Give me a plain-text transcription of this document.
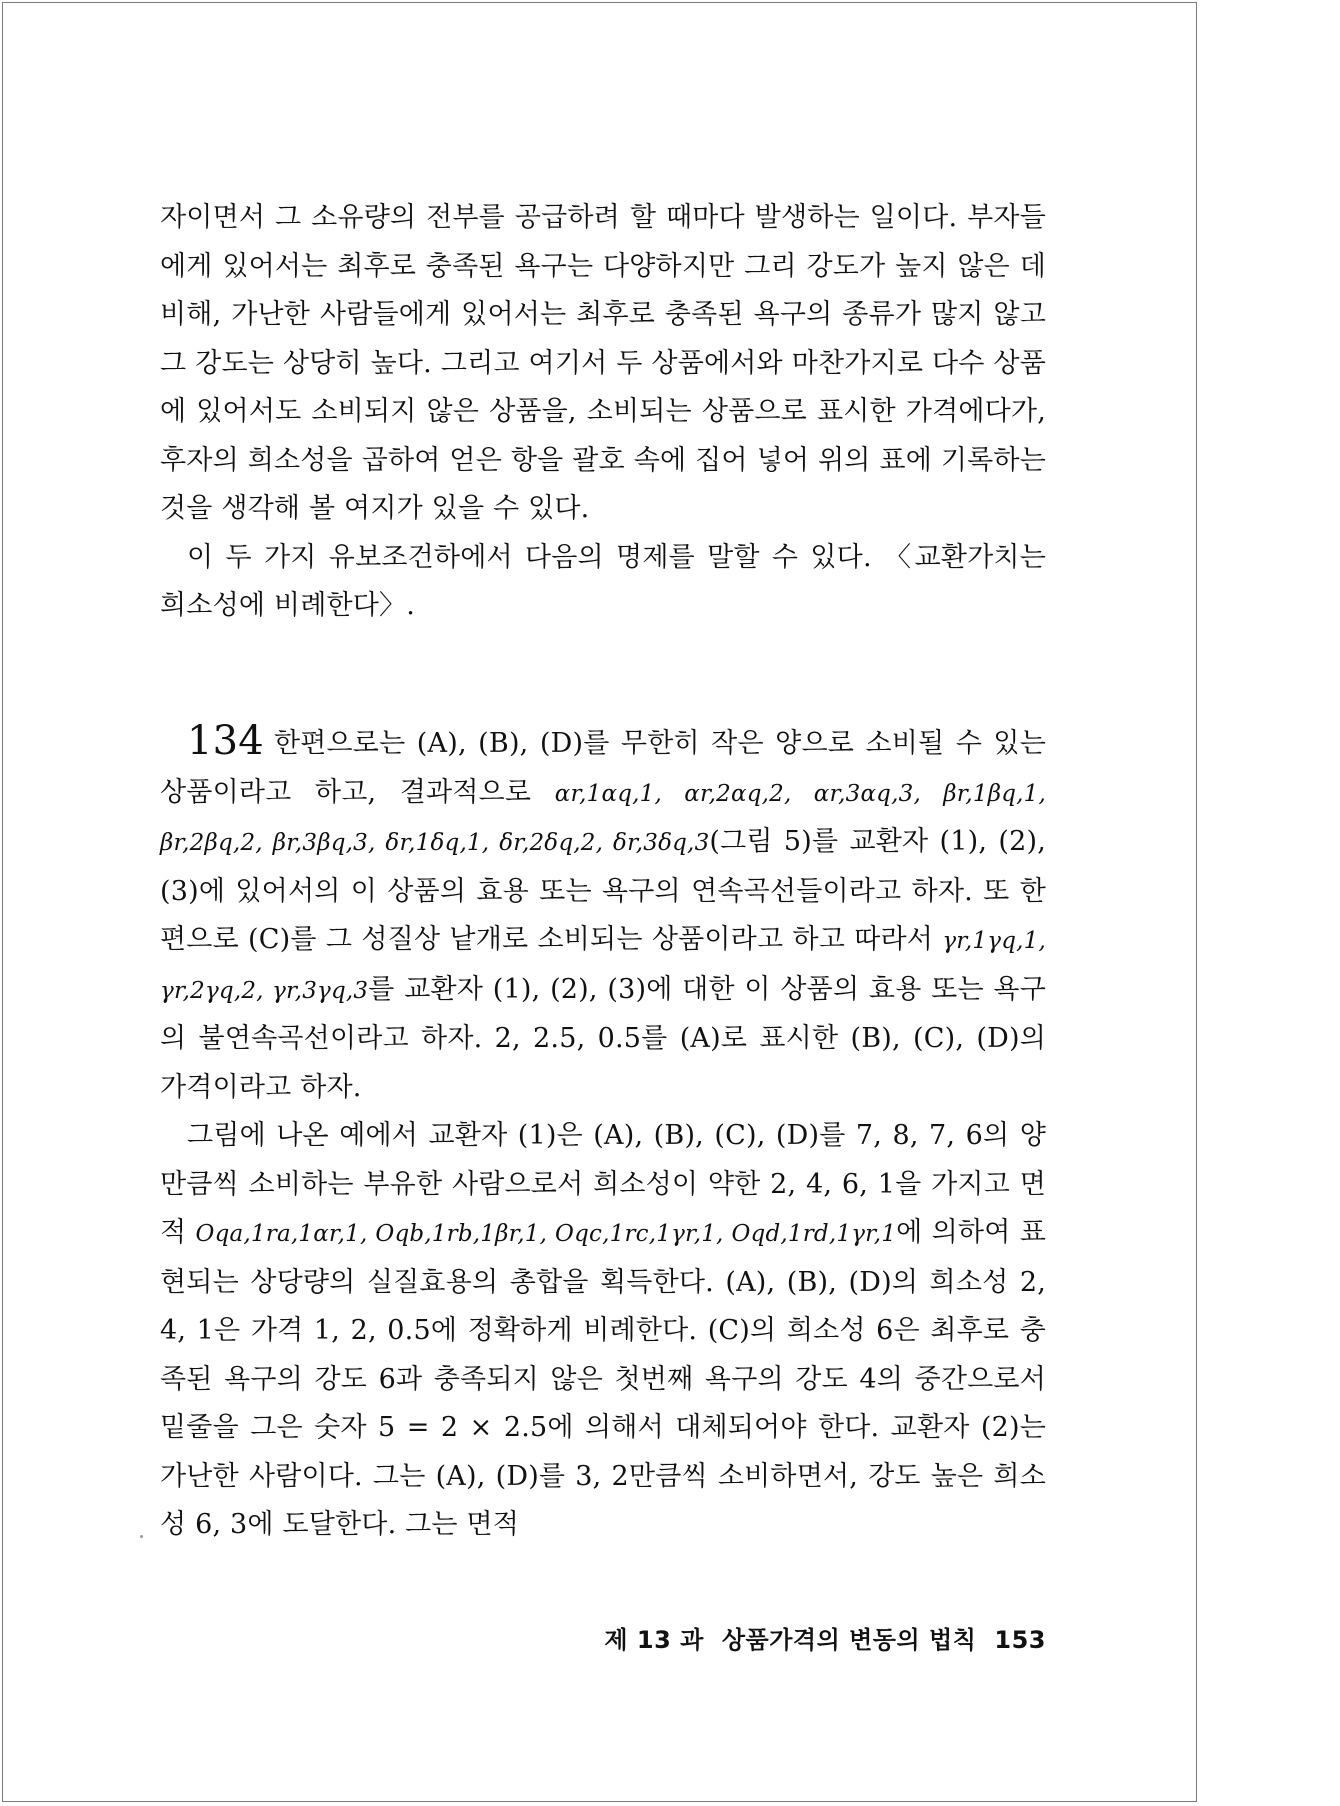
자이면서 그 소유량의 전부를 공급하려 할 때마다 발생하는 일이다. 부자들에게 있어서는 최후로 충족된 욕구는 다양하지만 그리 강도가 높지 않은 데 비해, 가난한 사람들에게 있어서는 최후로 충족된 욕구의 종류가 많지 않고 그 강도는 상당히 높다. 그리고 여기서 두 상품에서와 마찬가지로 다수 상품에 있어서도 소비되지 않은 상품을, 소비되는 상품으로 표시한 가격에다가, 후자의 희소성을 곱하여 얻은 항을 괄호 속에 집어 넣어 위의 표에 기록하는 것을 생각해 볼 여지가 있을 수 있다.

이 두 가지 유보조건하에서 다음의 명제를 말할 수 있다. 〈교환가치는 희소성에 비례한다〉.

134 한편으로는 (A), (B), (D)를 무한히 작은 양으로 소비될 수 있는 상품이라고 하고, 결과적으로 αr,1αq,1, αr,2αq,2, αr,3αq,3, βr,1βq,1, βr,2βq,2, βr,3βq,3, δr,1δq,1, δr,2δq,2, δr,3δq,3(그림 5)를 교환자 (1), (2), (3)에 있어서의 이 상품의 효용 또는 욕구의 연속곡선들이라고 하자. 또 한편으로 (C)를 그 성질상 낱개로 소비되는 상품이라고 하고 따라서 γr,1γq,1, γr,2γq,2, γr,3γq,3를 교환자 (1), (2), (3)에 대한 이 상품의 효용 또는 욕구의 불연속곡선이라고 하자. 2, 2.5, 0.5를 (A)로 표시한 (B), (C), (D)의 가격이라고 하자.

그림에 나온 예에서 교환자 (1)은 (A), (B), (C), (D)를 7, 8, 7, 6의 양만큼씩 소비하는 부유한 사람으로서 희소성이 약한 2, 4, 6, 1을 가지고 면적 Oqa,1ra,1αr,1, Oqb,1rb,1βr,1, Oqc,1rc,1γr,1, Oqd,1rd,1γr,1에 의하여 표현되는 상당량의 실질효용의 총합을 획득한다. (A), (B), (D)의 희소성 2, 4, 1은 가격 1, 2, 0.5에 정확하게 비례한다. (C)의 희소성 6은 최후로 충족된 욕구의 강도 6과 충족되지 않은 첫번째 욕구의 강도 4의 중간으로서 밑줄을 그은 숫자 5 = 2 × 2.5에 의해서 대체되어야 한다. 교환자 (2)는 가난한 사람이다. 그는 (A), (D)를 3, 2만큼씩 소비하면서, 강도 높은 희소성 6, 3에 도달한다. 그는 면적

제 13 과 상품가격의 변동의 법칙 153
